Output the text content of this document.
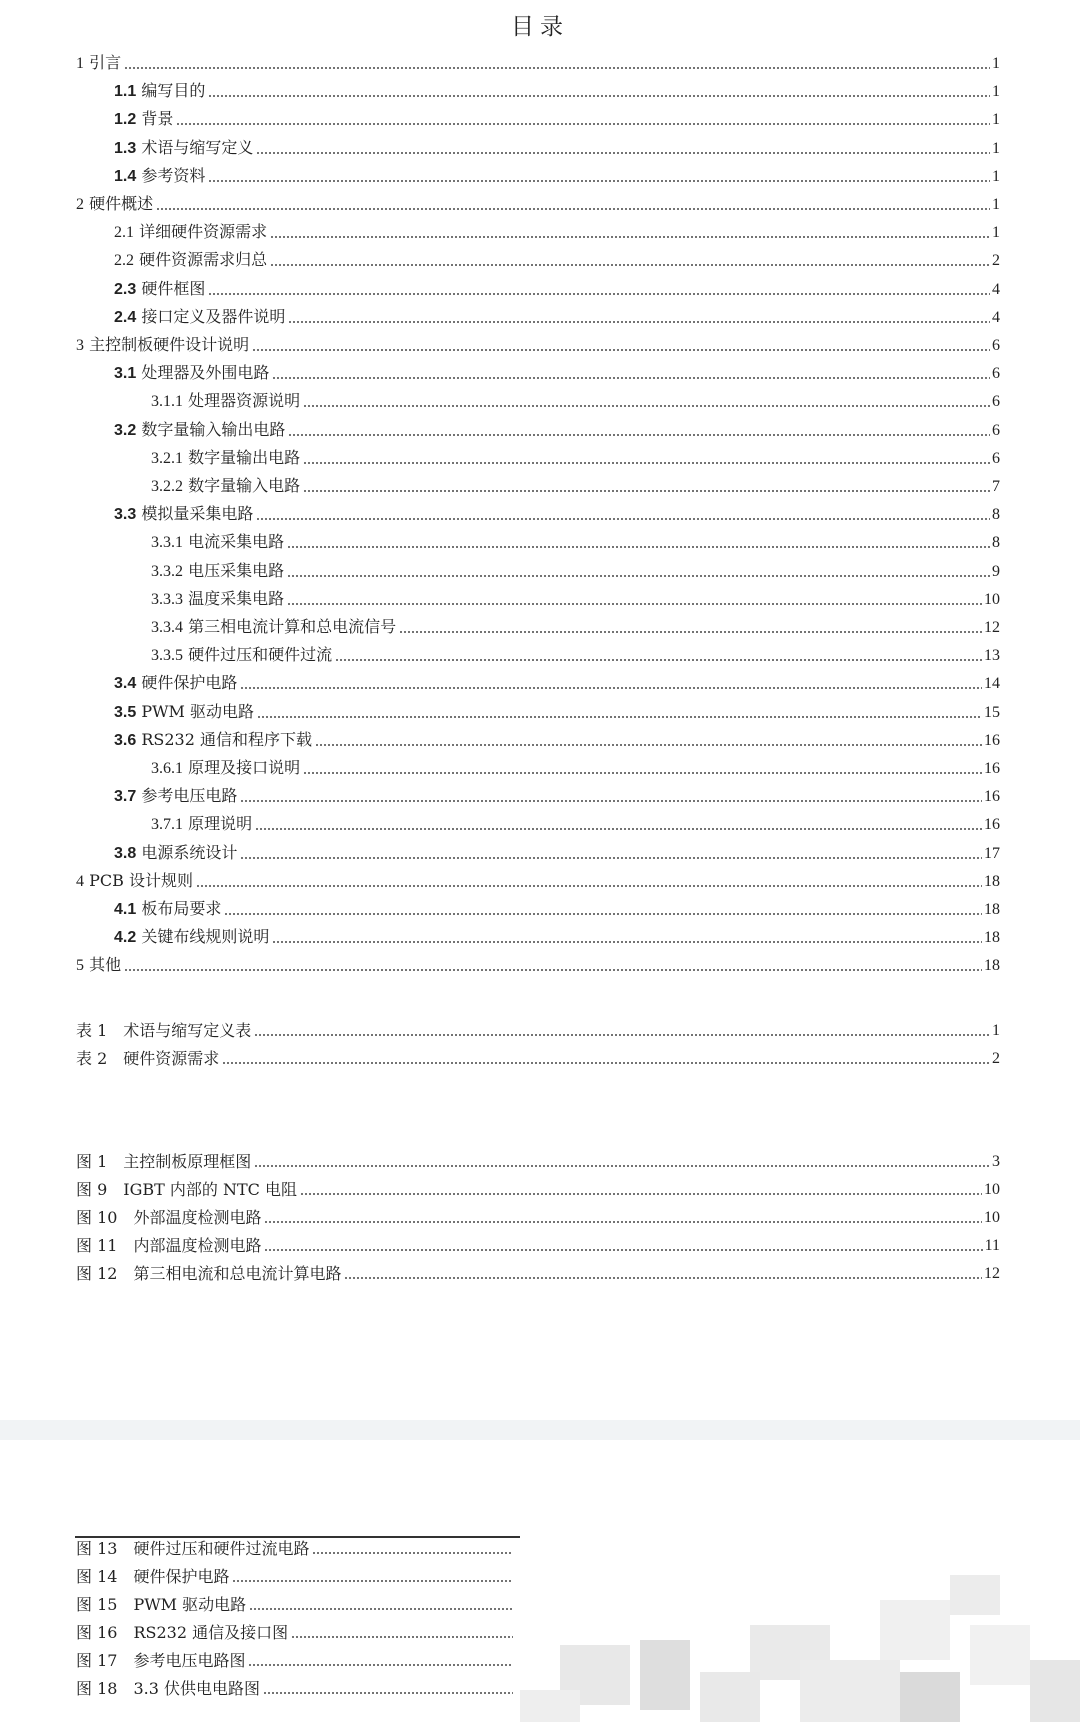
目录
1 引言	1
1.1 编写目的	1
1.2 背景	1
1.3 术语与缩写定义	1
1.4 参考资料	1
2 硬件概述	1
2.1 详细硬件资源需求	1
2.2 硬件资源需求归总	2
2.3 硬件框图	4
2.4 接口定义及器件说明	4
3 主控制板硬件设计说明	6
3.1 处理器及外围电路	6
3.1.1 处理器资源说明	6
3.2 数字量输入输出电路	6
3.2.1 数字量输出电路	6
3.2.2 数字量输入电路	7
3.3 模拟量采集电路	8
3.3.1 电流采集电路	8
3.3.2 电压采集电路	9
3.3.3 温度采集电路	10
3.3.4 第三相电流计算和总电流信号	12
3.3.5 硬件过压和硬件过流	13
3.4 硬件保护电路	14
3.5 PWM 驱动电路	15
3.6 RS232 通信和程序下载	16
3.6.1 原理及接口说明	16
3.7 参考电压电路	16
3.7.1 原理说明	16
3.8 电源系统设计	17
4 PCB 设计规则	18
4.1 板布局要求	18
4.2 关键布线规则说明	18
5 其他	18
表 1　术语与缩写定义表	1
表 2　硬件资源需求	2
图 1　主控制板原理框图	3
图 9　IGBT 内部的 NTC 电阻	10
图 10　外部温度检测电路	10
图 11　内部温度检测电路	11
图 12　第三相电流和总电流计算电路	12
图 13　硬件过压和硬件过流电路
图 14　硬件保护电路
图 15　PWM 驱动电路
图 16　RS232 通信及接口图
图 17　参考电压电路图
图 18　3.3 伏供电电路图
